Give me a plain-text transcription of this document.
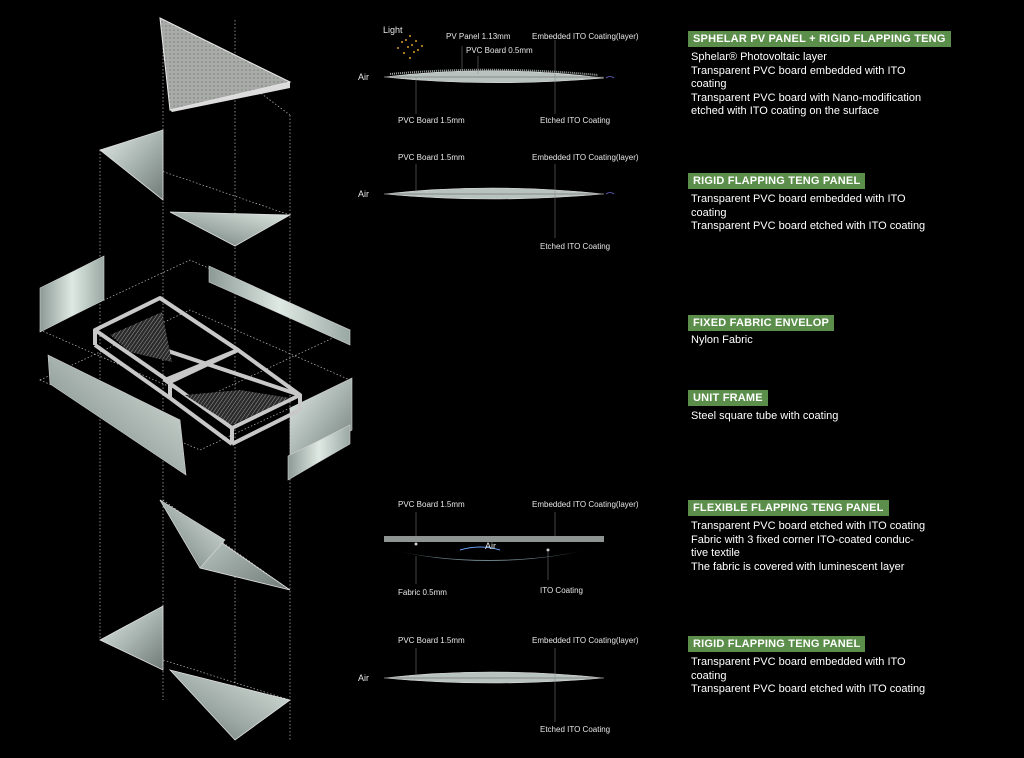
Light
PV Panel 1.13mm
PVC Board 0.5mm
Embedded ITO Coating(layer)
Air
PVC Board 1.5mm	Etched ITO Coating
PVC Board 1.5mm	Embedded ITO Coating(layer)
Air
Etched ITO Coating
PVC Board 1.5mm	Embedded ITO Coating(layer)
Air
Fabric 0.5mm	ITO Coating
PVC Board 1.5mm	Embedded ITO Coating(layer)
Air
Etched ITO Coating
SPHELAR PV PANEL + RIGID FLAPPING TENG
Sphelar® Photovoltaic layer
Transparent PVC board embedded with ITO
coating
Transparent PVC board with Nano-modification
etched with ITO coating on the surface
RIGID FLAPPING TENG PANEL
Transparent PVC board embedded with ITO
coating
Transparent PVC board etched with ITO coating
FIXED FABRIC ENVELOP
Nylon Fabric
UNIT FRAME
Steel square tube with coating
FLEXIBLE FLAPPING TENG PANEL
Transparent PVC board etched with ITO coating
Fabric with 3 fixed corner ITO-coated conduc-
tive textile
The fabric is covered with luminescent layer
RIGID FLAPPING TENG PANEL
Transparent PVC board embedded with ITO
coating
Transparent PVC board etched with ITO coating
